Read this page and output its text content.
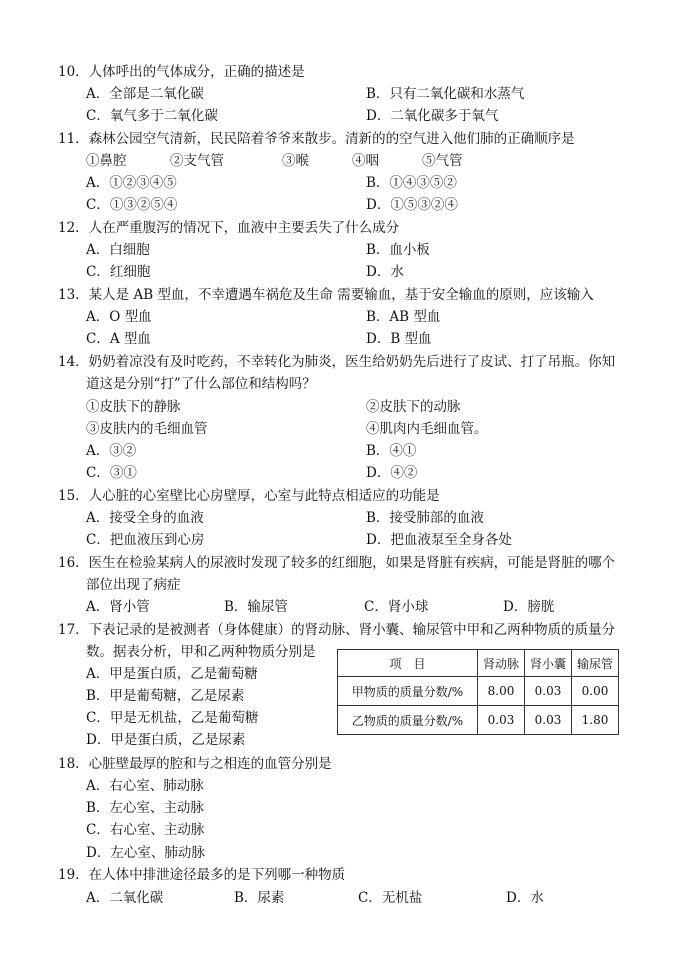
10．人体呼出的气体成分，正确的描述是
A．全部是二氧化碳	B．只有二氧化碳和水蒸气
C．氧气多于二氧化碳	D．二氧化碳多于氧气
11．森林公园空气清新，民民陪着爷爷来散步。清新的的空气进入他们肺的正确顺序是
①鼻腔	②支气管	③喉	④咽	⑤气管
A．①②③④⑤	B．①④③⑤②
C．①③②⑤④	D．①⑤③②④
12．人在严重腹泻的情况下，血液中主要丢失了什么成分
A．白细胞	B．血小板
C．红细胞	D．水
13．某人是 AB 型血，不幸遭遇车祸危及生命 需要输血，基于安全输血的原则，应该输入
A．O 型血	B．AB 型血
C．A 型血	D．B 型血
14．奶奶着凉没有及时吃药，不幸转化为肺炎，医生给奶奶先后进行了皮试、打了吊瓶。你知
道这是分别“打”了什么部位和结构吗？
①皮肤下的静脉	②皮肤下的动脉
③皮肤内的毛细血管	④肌肉内毛细血管。
A．③②	B．④①
C．③①	D．④②
15．人心脏的心室壁比心房壁厚，心室与此特点相适应的功能是
A．接受全身的血液	B．接受肺部的血液
C．把血液压到心房	D．把血液泵至全身各处
16．医生在检验某病人的尿液时发现了较多的红细胞，如果是肾脏有疾病，可能是肾脏的哪个
部位出现了病症
A．肾小管	B．输尿管	C．肾小球	D．膀胱
17．下表记录的是被测者（身体健康）的肾动脉、肾小囊、输尿管中甲和乙两种物质的质量分
数。据表分析，甲和乙两种物质分别是
A．甲是蛋白质，乙是葡萄糖
B．甲是葡萄糖，乙是尿素
C．甲是无机盐，乙是葡萄糖
D．甲是蛋白质，乙是尿素
项　目	肾动脉	肾小囊	输尿管
甲物质的质量分数/%	8.00	0.03	0.00
乙物质的质量分数/%	0.03	0.03	1.80
18．心脏壁最厚的腔和与之相连的血管分别是
A．右心室、肺动脉
B．左心室、主动脉
C．右心室、主动脉
D．左心室、肺动脉
19．在人体中排泄途径最多的是下列哪一种物质
A．二氧化碳	B．尿素	C．无机盐	D．水
